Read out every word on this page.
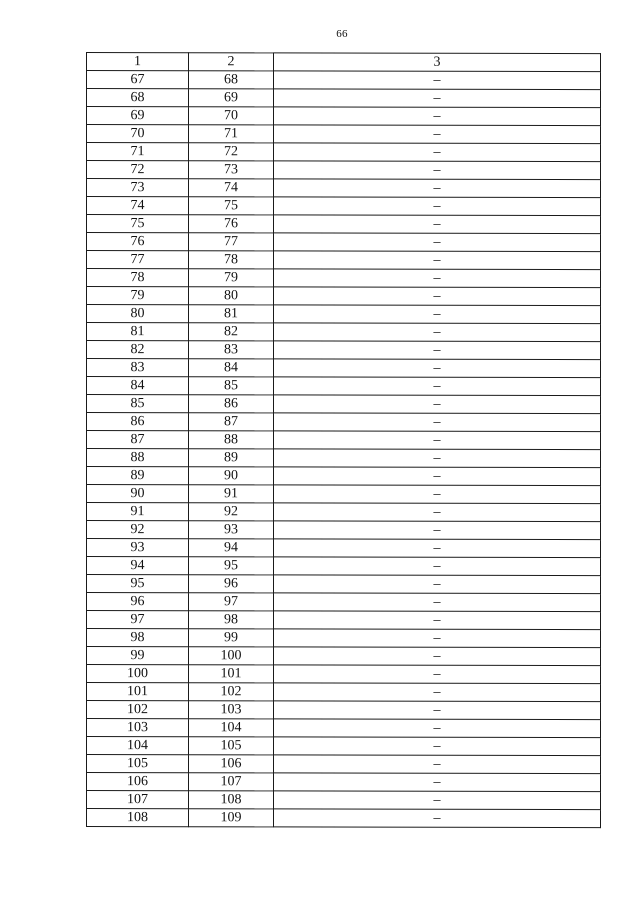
66
1	2	3
67	68	–
68	69	–
69	70	–
70	71	–
71	72	–
72	73	–
73	74	–
74	75	–
75	76	–
76	77	–
77	78	–
78	79	–
79	80	–
80	81	–
81	82	–
82	83	–
83	84	–
84	85	–
85	86	–
86	87	–
87	88	–
88	89	–
89	90	–
90	91	–
91	92	–
92	93	–
93	94	–
94	95	–
95	96	–
96	97	–
97	98	–
98	99	–
99	100	–
100	101	–
101	102	–
102	103	–
103	104	–
104	105	–
105	106	–
106	107	–
107	108	–
108	109	–
